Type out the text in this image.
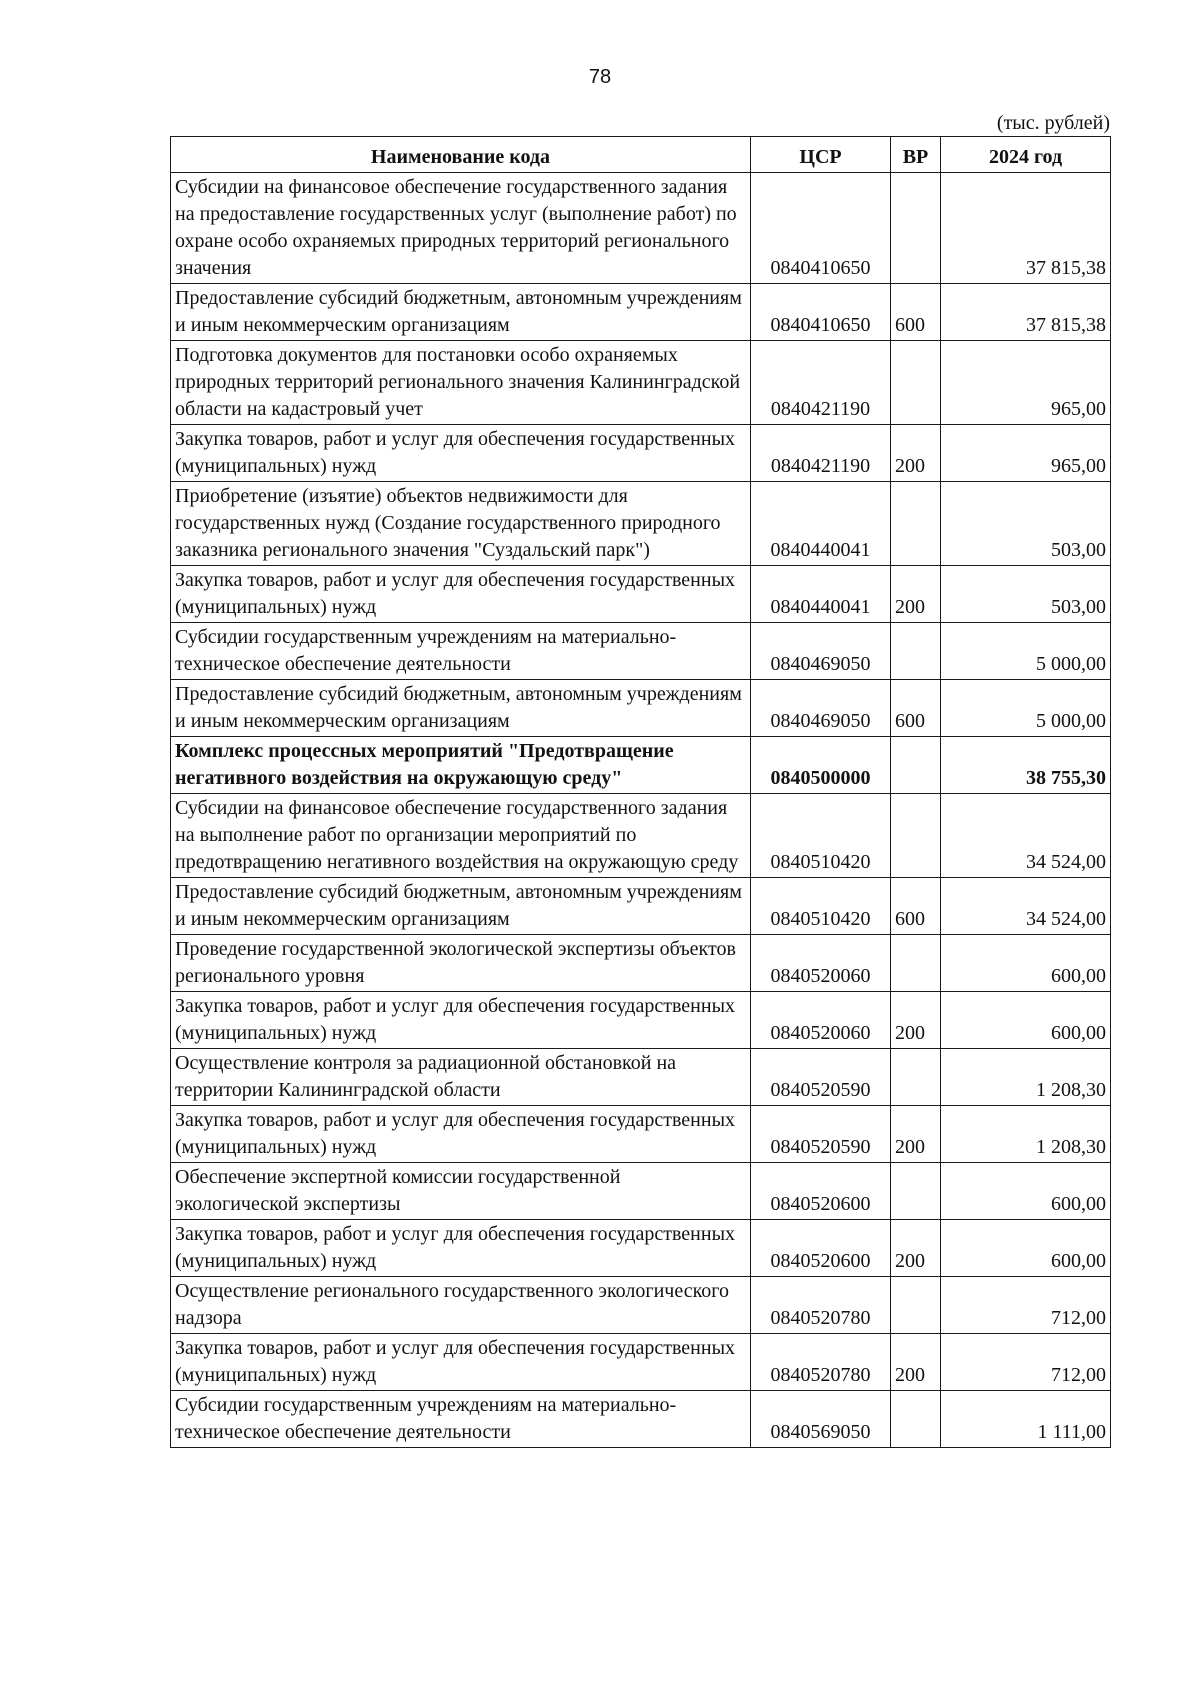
78
(тыс. рублей)
Наименование кода	ЦСР	ВР	2024 год
Субсидии на финансовое обеспечение государственного задания на предоставление государственных услуг (выполнение работ) по охране особо охраняемых природных территорий регионального значения	0840410650		37 815,38
Предоставление субсидий бюджетным, автономным учреждениям и иным некоммерческим организациям	0840410650	600	37 815,38
Подготовка документов для постановки особо охраняемых природных территорий регионального значения Калининградской области на кадастровый учет	0840421190		965,00
Закупка товаров, работ и услуг для обеспечения государственных (муниципальных) нужд	0840421190	200	965,00
Приобретение (изъятие) объектов недвижимости для государственных нужд (Создание государственного природного заказника регионального значения "Суздальский парк")	0840440041		503,00
Закупка товаров, работ и услуг для обеспечения государственных (муниципальных) нужд	0840440041	200	503,00
Субсидии государственным учреждениям на материально-техническое обеспечение деятельности	0840469050		5 000,00
Предоставление субсидий бюджетным, автономным учреждениям и иным некоммерческим организациям	0840469050	600	5 000,00
Комплекс процессных мероприятий "Предотвращение негативного воздействия на окружающую среду"	0840500000		38 755,30
Субсидии на финансовое обеспечение государственного задания на выполнение работ по организации мероприятий по предотвращению негативного воздействия на окружающую среду	0840510420		34 524,00
Предоставление субсидий бюджетным, автономным учреждениям и иным некоммерческим организациям	0840510420	600	34 524,00
Проведение государственной экологической экспертизы объектов регионального уровня	0840520060		600,00
Закупка товаров, работ и услуг для обеспечения государственных (муниципальных) нужд	0840520060	200	600,00
Осуществление контроля за радиационной обстановкой на территории Калининградской области	0840520590		1 208,30
Закупка товаров, работ и услуг для обеспечения государственных (муниципальных) нужд	0840520590	200	1 208,30
Обеспечение экспертной комиссии государственной экологической экспертизы	0840520600		600,00
Закупка товаров, работ и услуг для обеспечения государственных (муниципальных) нужд	0840520600	200	600,00
Осуществление регионального государственного экологического надзора	0840520780		712,00
Закупка товаров, работ и услуг для обеспечения государственных (муниципальных) нужд	0840520780	200	712,00
Субсидии государственным учреждениям на материально-техническое обеспечение деятельности	0840569050		1 111,00
